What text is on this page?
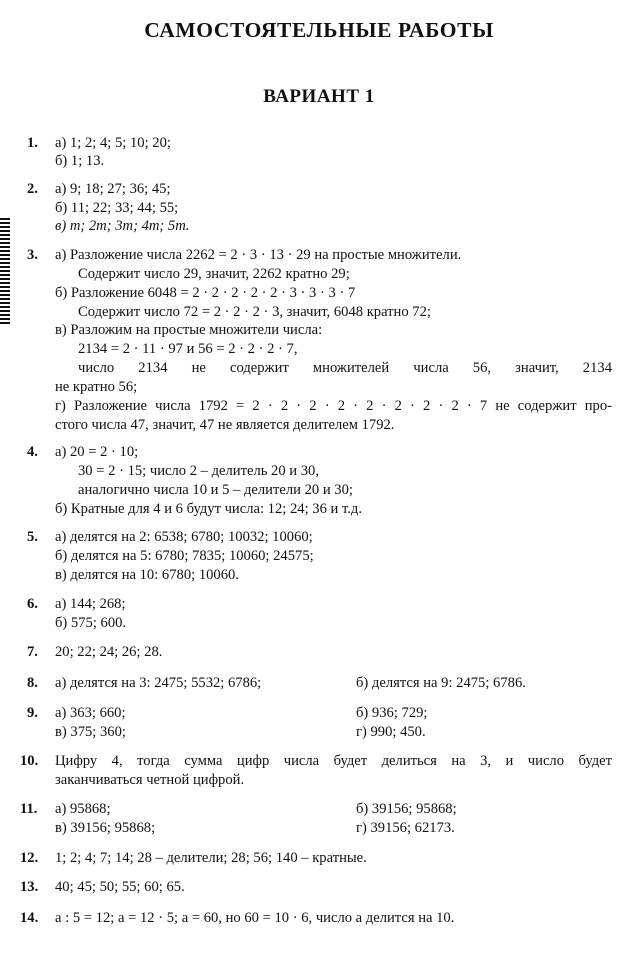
САМОСТОЯТЕЛЬНЫЕ РАБОТЫ
ВАРИАНТ 1
1. а) 1; 2; 4; 5; 10; 20;
б) 1; 13.
2. а) 9; 18; 27; 36; 45;
б) 11; 22; 33; 44; 55;
в) m; 2m; 3m; 4m; 5m.
3. а) Разложение числа 2262 = 2 · 3 · 13 · 29 на простые множители.
Содержит число 29, значит, 2262 кратно 29;
б) Разложение 6048 = 2 · 2 · 2 · 2 · 2 · 3 · 3 · 3 · 7
Содержит число 72 = 2 · 2 · 2 · 3, значит, 6048 кратно 72;
в) Разложим на простые множители числа:
2134 = 2 · 11 · 97 и 56 = 2 · 2 · 2 · 7,
число 2134 не содержит множителей числа 56, значит, 2134
не кратно 56;
г) Разложение числа 1792 = 2 · 2 · 2 · 2 · 2 · 2 · 2 · 2 · 7 не содержит про-
стого числа 47, значит, 47 не является делителем 1792.
4. а) 20 = 2 · 10;
30 = 2 · 15; число 2 – делитель 20 и 30,
аналогично числа 10 и 5 – делители 20 и 30;
б) Кратные для 4 и 6 будут числа: 12; 24; 36 и т.д.
5. а) делятся на 2: 6538; 6780; 10032; 10060;
б) делятся на 5: 6780; 7835; 10060; 24575;
в) делятся на 10: 6780; 10060.
6. а) 144; 268;
б) 575; 600.
7. 20; 22; 24; 26; 28.
8. а) делятся на 3: 2475; 5532; 6786;	б) делятся на 9: 2475; 6786.
9. а) 363; 660;	б) 936; 729;
в) 375; 360;	г) 990; 450.
10. Цифру 4, тогда сумма цифр числа будет делиться на 3, и число будет
заканчиваться четной цифрой.
11. а) 95868;	б) 39156; 95868;
в) 39156; 95868;	г) 39156; 62173.
12. 1; 2; 4; 7; 14; 28 – делители; 28; 56; 140 – кратные.
13. 40; 45; 50; 55; 60; 65.
14. a : 5 = 12; a = 12 · 5; a = 60, но 60 = 10 · 6, число a делится на 10.
